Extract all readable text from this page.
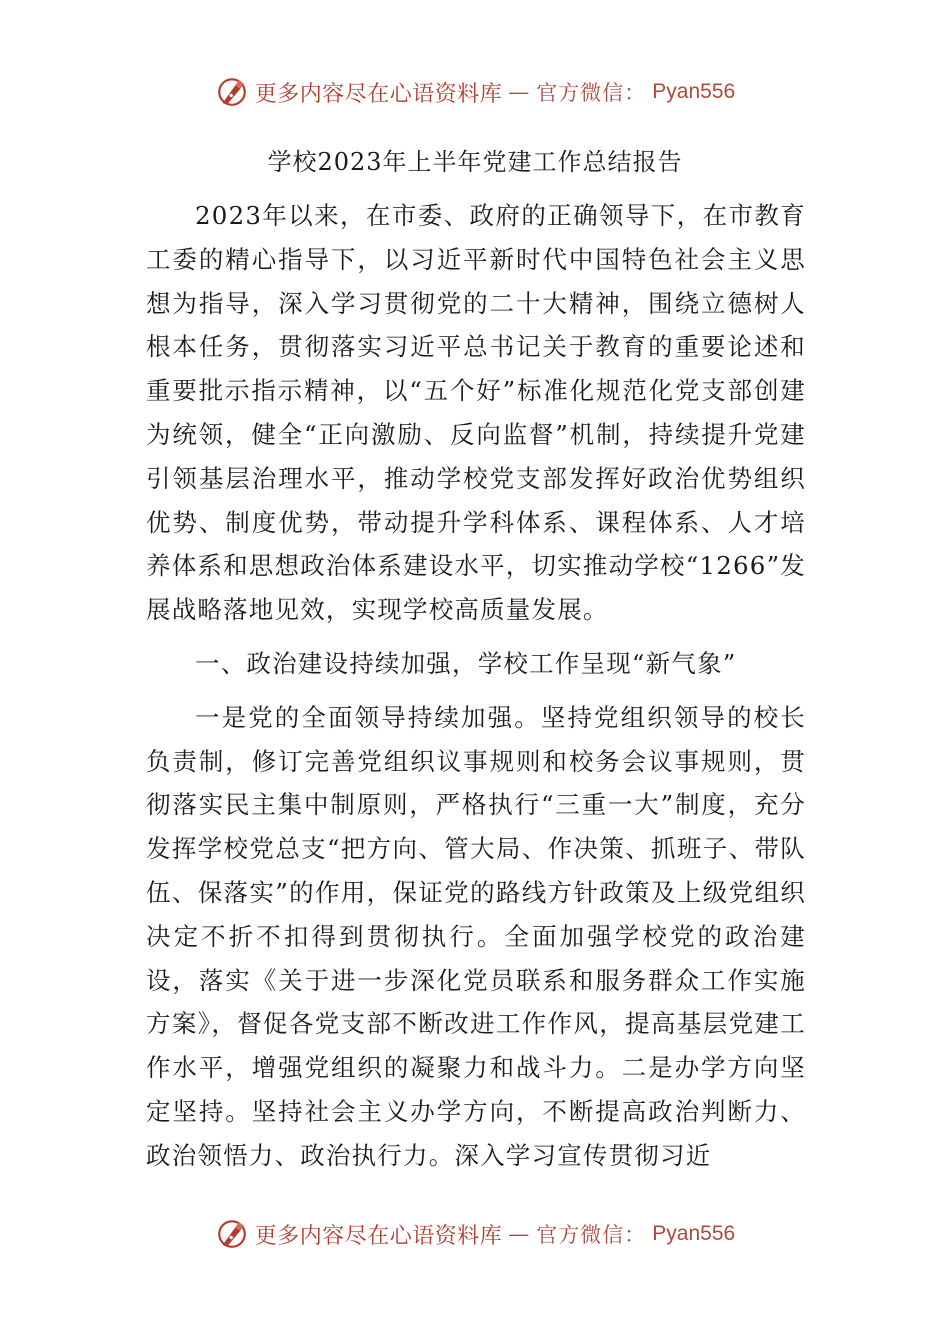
更多内容尽在心语资料库 — 官方微信： Pyan556
学校2023年上半年党建工作总结报告

2023年以来，在市委、政府的正确领导下，在市教育工委的精心指导下，以习近平新时代中国特色社会主义思想为指导，深入学习贯彻党的二十大精神，围绕立德树人根本任务，贯彻落实习近平总书记关于教育的重要论述和重要批示指示精神，以“五个好”标准化规范化党支部创建为统领，健全“正向激励、反向监督”机制，持续提升党建引领基层治理水平，推动学校党支部发挥好政治优势组织优势、制度优势，带动提升学科体系、课程体系、人才培养体系和思想政治体系建设水平，切实推动学校“1266”发展战略落地见效，实现学校高质量发展。

一、政治建设持续加强，学校工作呈现“新气象”

一是党的全面领导持续加强。坚持党组织领导的校长负责制，修订完善党组织议事规则和校务会议事规则，贯彻落实民主集中制原则，严格执行“三重一大”制度，充分发挥学校党总支“把方向、管大局、作决策、抓班子、带队伍、保落实”的作用，保证党的路线方针政策及上级党组织决定不折不扣得到贯彻执行。全面加强学校党的政治建设，落实《关于进一步深化党员联系和服务群众工作实施方案》，督促各党支部不断改进工作作风，提高基层党建工作水平，增强党组织的凝聚力和战斗力。二是办学方向坚定坚持。坚持社会主义办学方向，不断提高政治判断力、政治领悟力、政治执行力。深入学习宣传贯彻习近

更多内容尽在心语资料库 — 官方微信： Pyan556
